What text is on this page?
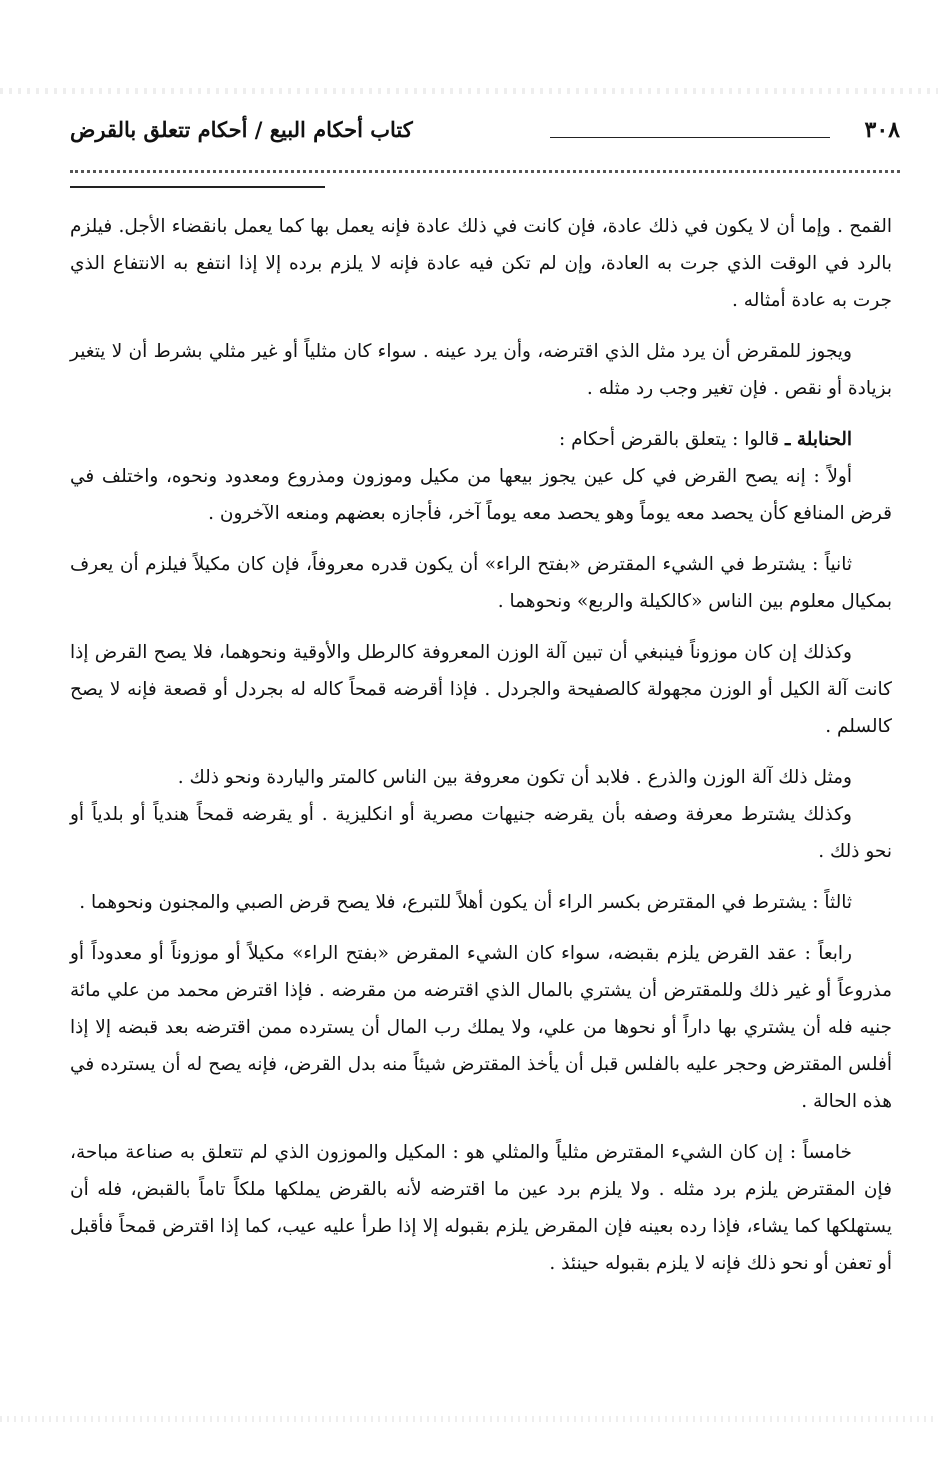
٣٠٨
كتاب أحكام البيع / أحكام تتعلق بالقرض

القمح . وإما أن لا يكون في ذلك عادة، فإن كانت في ذلك عادة فإنه يعمل بها كما يعمل بانقضاء الأجل. فيلزم بالرد في الوقت الذي جرت به العادة، وإن لم تكن فيه عادة فإنه لا يلزم برده إلا إذا انتفع به الانتفاع الذي جرت به عادة أمثاله .

ويجوز للمقرض أن يرد مثل الذي اقترضه، وأن يرد عينه . سواء كان مثلياً أو غير مثلي بشرط أن لا يتغير بزيادة أو نقص . فإن تغير وجب رد مثله .

الحنابلة ـ قالوا : يتعلق بالقرض أحكام :

أولاً : إنه يصح القرض في كل عين يجوز بيعها من مكيل وموزون ومذروع ومعدود ونحوه، واختلف في قرض المنافع كأن يحصد معه يوماً وهو يحصد معه يوماً آخر، فأجازه بعضهم ومنعه الآخرون .

ثانياً : يشترط في الشيء المقترض «بفتح الراء» أن يكون قدره معروفاً، فإن كان مكيلاً فيلزم أن يعرف بمكيال معلوم بين الناس «كالكيلة والربع» ونحوهما .

وكذلك إن كان موزوناً فينبغي أن تبين آلة الوزن المعروفة كالرطل والأوقية ونحوهما، فلا يصح القرض إذا كانت آلة الكيل أو الوزن مجهولة كالصفيحة والجردل . فإذا أقرضه قمحاً كاله له بجردل أو قصعة فإنه لا يصح كالسلم .

ومثل ذلك آلة الوزن والذرع . فلابد أن تكون معروفة بين الناس كالمتر والياردة ونحو ذلك .

وكذلك يشترط معرفة وصفه بأن يقرضه جنيهات مصرية أو انكليزية . أو يقرضه قمحاً هندياً أو بلدياً أو نحو ذلك .

ثالثاً : يشترط في المقترض بكسر الراء أن يكون أهلاً للتبرع، فلا يصح قرض الصبي والمجنون ونحوهما .

رابعاً : عقد القرض يلزم بقبضه، سواء كان الشيء المقرض «بفتح الراء» مكيلاً أو موزوناً أو معدوداً أو مذروعاً أو غير ذلك وللمقترض أن يشتري بالمال الذي اقترضه من مقرضه . فإذا اقترض محمد من علي مائة جنيه فله أن يشتري بها داراً أو نحوها من علي، ولا يملك رب المال أن يسترده ممن اقترضه بعد قبضه إلا إذا أفلس المقترض وحجر عليه بالفلس قبل أن يأخذ المقترض شيئاً منه بدل القرض، فإنه يصح له أن يسترده في هذه الحالة .

خامساً : إن كان الشيء المقترض مثلياً والمثلي هو : المكيل والموزون الذي لم تتعلق به صناعة مباحة، فإن المقترض يلزم برد مثله . ولا يلزم برد عين ما اقترضه لأنه بالقرض يملكها ملكاً تاماً بالقبض، فله أن يستهلكها كما يشاء، فإذا رده بعينه فإن المقرض يلزم بقبوله إلا إذا طرأ عليه عيب، كما إذا اقترض قمحاً فأقبل أو تعفن أو نحو ذلك فإنه لا يلزم بقبوله حينئذ .
